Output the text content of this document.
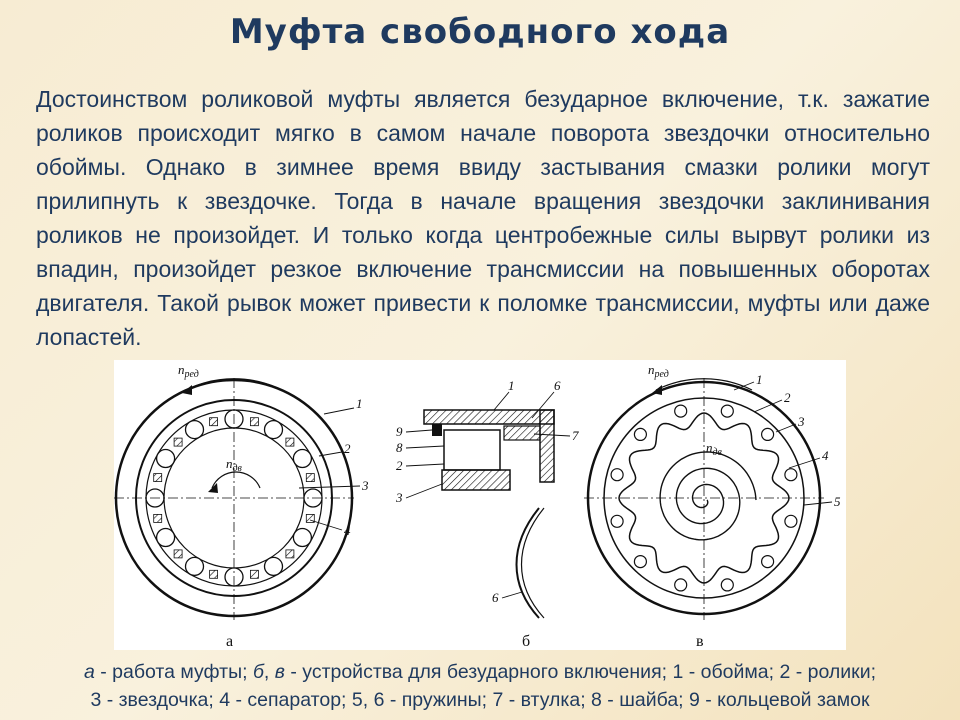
Муфта свободного хода
Достоинством роликовой муфты является безударное включение, т.к. зажатие роликов происходит мягко в самом начале поворота звездочки относительно обоймы. Однако в зимнее время ввиду застывания смазки ролики могут прилипнуть к звездочке. Тогда в начале вращения звездочки заклинивания роликов не произойдет. И только когда центробежные силы вырвут ролики из впадин, произойдет резкое включение трансмиссии на повышенных оборотах двигателя. Такой рывок может привести к поломке трансмиссии, муфты или даже лопастей.
$n_{ред}$
$n_{дв}$
1
2
3
4
а
9
8
2
3
1	6
7
6
б
$n_{ред}$
$n_{дв}$
1
2
3
4
5
в
а - работа муфты; б, в - устройства для безударного включения; 1 - обойма; 2 - ролики;
3 - звездочка; 4 - сепаратор; 5, 6 - пружины; 7 - втулка; 8 - шайба; 9 - кольцевой замок
